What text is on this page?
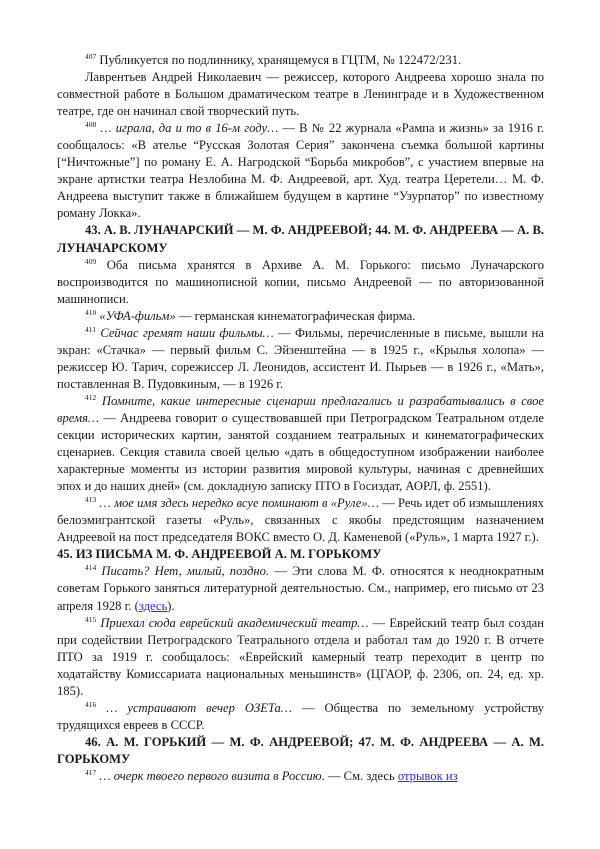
$^{407}$ Публикуется по подлиннику, хранящемуся в ГЦТМ, № 122472/231.

Лаврентьев Андрей Николаевич — режиссер, которого Андреева хорошо знала по совместной работе в Большом драматическом театре в Ленинграде и в Художественном театре, где он начинал свой творческий путь.

$^{408}$ … играла, да и то в 16-м году… — В № 22 журнала «Рампа и жизнь» за 1916 г. сообщалось: «В ателье “Русская Золотая Серия” закончена съемка большой картины [“Ничтожные”] по роману Е. А. Нагродской “Борьба микробов”, с участием впервые на экране артистки театра Незлобина М. Ф. Андреевой, арт. Худ. театра Церетели… М. Ф. Андреева выступит также в ближайшем будущем в картине “Узурпатор” по известному роману Локка».

43. А. В. ЛУНАЧАРСКИЙ — М. Ф. АНДРЕЕВОЙ; 44. М. Ф. АНДРЕЕВА — А. В. ЛУНАЧАРСКОМУ

$^{409}$ Оба письма хранятся в Архиве А. М. Горького: письмо Луначарского воспроизводится по машинописной копии, письмо Андреевой — по авторизованной машинописи.

$^{410}$ «УФА-фильм» — германская кинематографическая фирма.

$^{411}$ Сейчас гремят наши фильмы… — Фильмы, перечисленные в письме, вышли на экран: «Стачка» — первый фильм С. Эйзенштейна — в 1925 г., «Крылья холопа» — режиссер Ю. Тарич, сорежиссер Л. Леонидов, ассистент И. Пырьев — в 1926 г., «Мать», поставленная В. Пудовкиным, — в 1926 г.

$^{412}$ Помните, какие интересные сценарии предлагались и разрабатывались в свое время… — Андреева говорит о существовавшей при Петроградском Театральном отделе секции исторических картин, занятой созданием театральных и кинематографических сценариев. Секция ставила своей целью «дать в общедоступном изображении наиболее характерные моменты из истории развития мировой культуры, начиная с древнейших эпох и до наших дней» (см. докладную записку ПТО в Госиздат, АОРЛ, ф. 2551).

$^{413}$ … мое имя здесь нередко всуе поминают в «Руле»… — Речь идет об измышлениях белоэмигрантской газеты «Руль», связанных с якобы предстоящим назначением Андреевой на пост председателя ВОКС вместо О. Д. Каменевой («Руль», 1 марта 1927 г.).

45. ИЗ ПИСЬМА М. Ф. АНДРЕЕВОЙ А. М. ГОРЬКОМУ

$^{414}$ Писать? Нет, милый, поздно. — Эти слова М. Ф. относятся к неоднократным советам Горького заняться литературной деятельностью. См., например, его письмо от 23 апреля 1928 г. (здесь).

$^{415}$ Приехал сюда еврейский академический театр… — Еврейский театр был создан при содействии Петроградского Театрального отдела и работал там до 1920 г. В отчете ПТО за 1919 г. сообщалось: «Еврейский камерный театр переходит в центр по ходатайству Комиссариата национальных меньшинств» (ЦГАОР, ф. 2306, оп. 24, ед. хр. 185).

$^{416}$ … устраивают вечер ОЗЕТа… — Общества по земельному устройству трудящихся евреев в СССР.

46. А. М. ГОРЬКИЙ — М. Ф. АНДРЕЕВОЙ; 47. М. Ф. АНДРЕЕВА — А. М. ГОРЬКОМУ

$^{417}$ … очерк твоего первого визита в Россию. — См. здесь отрывок из
